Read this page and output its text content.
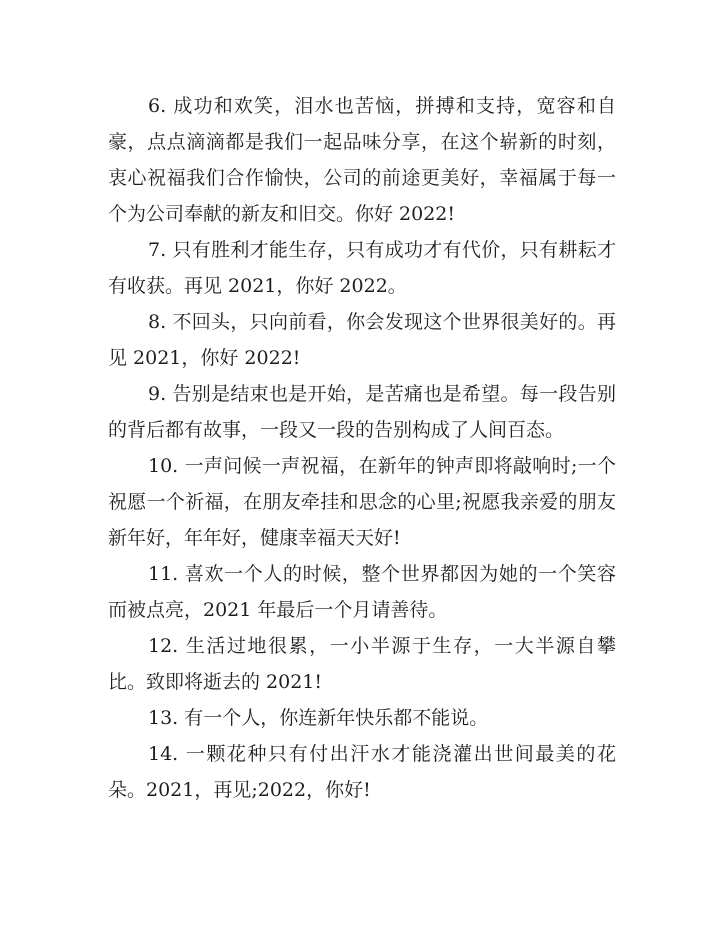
6. 成功和欢笑，泪水也苦恼，拼搏和支持，宽容和自豪，点点滴滴都是我们一起品味分享，在这个崭新的时刻，衷心祝福我们合作愉快，公司的前途更美好，幸福属于每一个为公司奉献的新友和旧交。你好 2022!

7. 只有胜利才能生存，只有成功才有代价，只有耕耘才有收获。再见 2021，你好 2022。

8. 不回头，只向前看，你会发现这个世界很美好的。再见 2021，你好 2022!

9. 告别是结束也是开始，是苦痛也是希望。每一段告别的背后都有故事，一段又一段的告别构成了人间百态。

10. 一声问候一声祝福，在新年的钟声即将敲响时;一个祝愿一个祈福，在朋友牵挂和思念的心里;祝愿我亲爱的朋友新年好，年年好，健康幸福天天好!

11. 喜欢一个人的时候，整个世界都因为她的一个笑容而被点亮，2021 年最后一个月请善待。

12. 生活过地很累，一小半源于生存，一大半源自攀比。致即将逝去的 2021!

13. 有一个人，你连新年快乐都不能说。

14. 一颗花种只有付出汗水才能浇灌出世间最美的花朵。2021，再见;2022，你好!
